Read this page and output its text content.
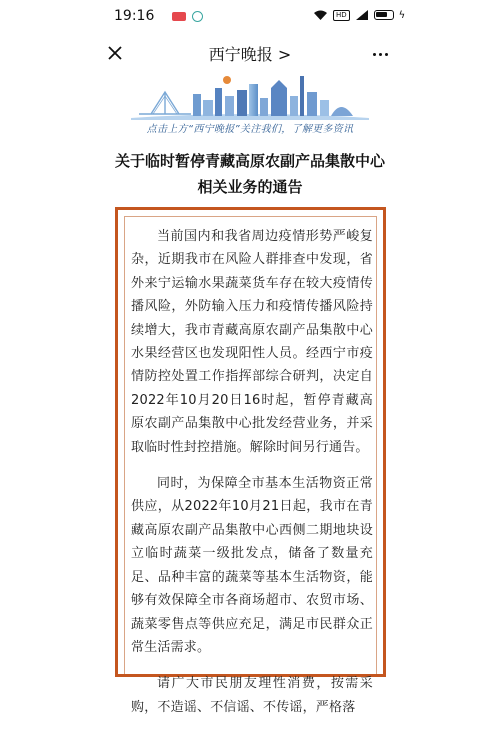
19:16	HD	ϟ
西宁晚报 >
点击上方“西宁晚报”关注我们，了解更多资讯
关于临时暂停青藏高原农副产品集散中心相关业务的通告

当前国内和我省周边疫情形势严峻复杂，近期我市在风险人群排查中发现，省外来宁运输水果蔬菜货车存在较大疫情传播风险，外防输入压力和疫情传播风险持续增大，我市青藏高原农副产品集散中心水果经营区也发现阳性人员。经西宁市疫情防控处置工作指挥部综合研判，决定自2022年10月20日16时起，暂停青藏高原农副产品集散中心批发经营业务，并采取临时性封控措施。解除时间另行通告。

同时，为保障全市基本生活物资正常供应，从2022年10月21日起，我市在青藏高原农副产品集散中心西侧二期地块设立临时蔬菜一级批发点，储备了数量充足、品种丰富的蔬菜等基本生活物资，能够有效保障全市各商场超市、农贸市场、蔬菜零售点等供应充足，满足市民群众正常生活需求。

请广大市民朋友理性消费，按需采购，不造谣、不信谣、不传谣，严格落
